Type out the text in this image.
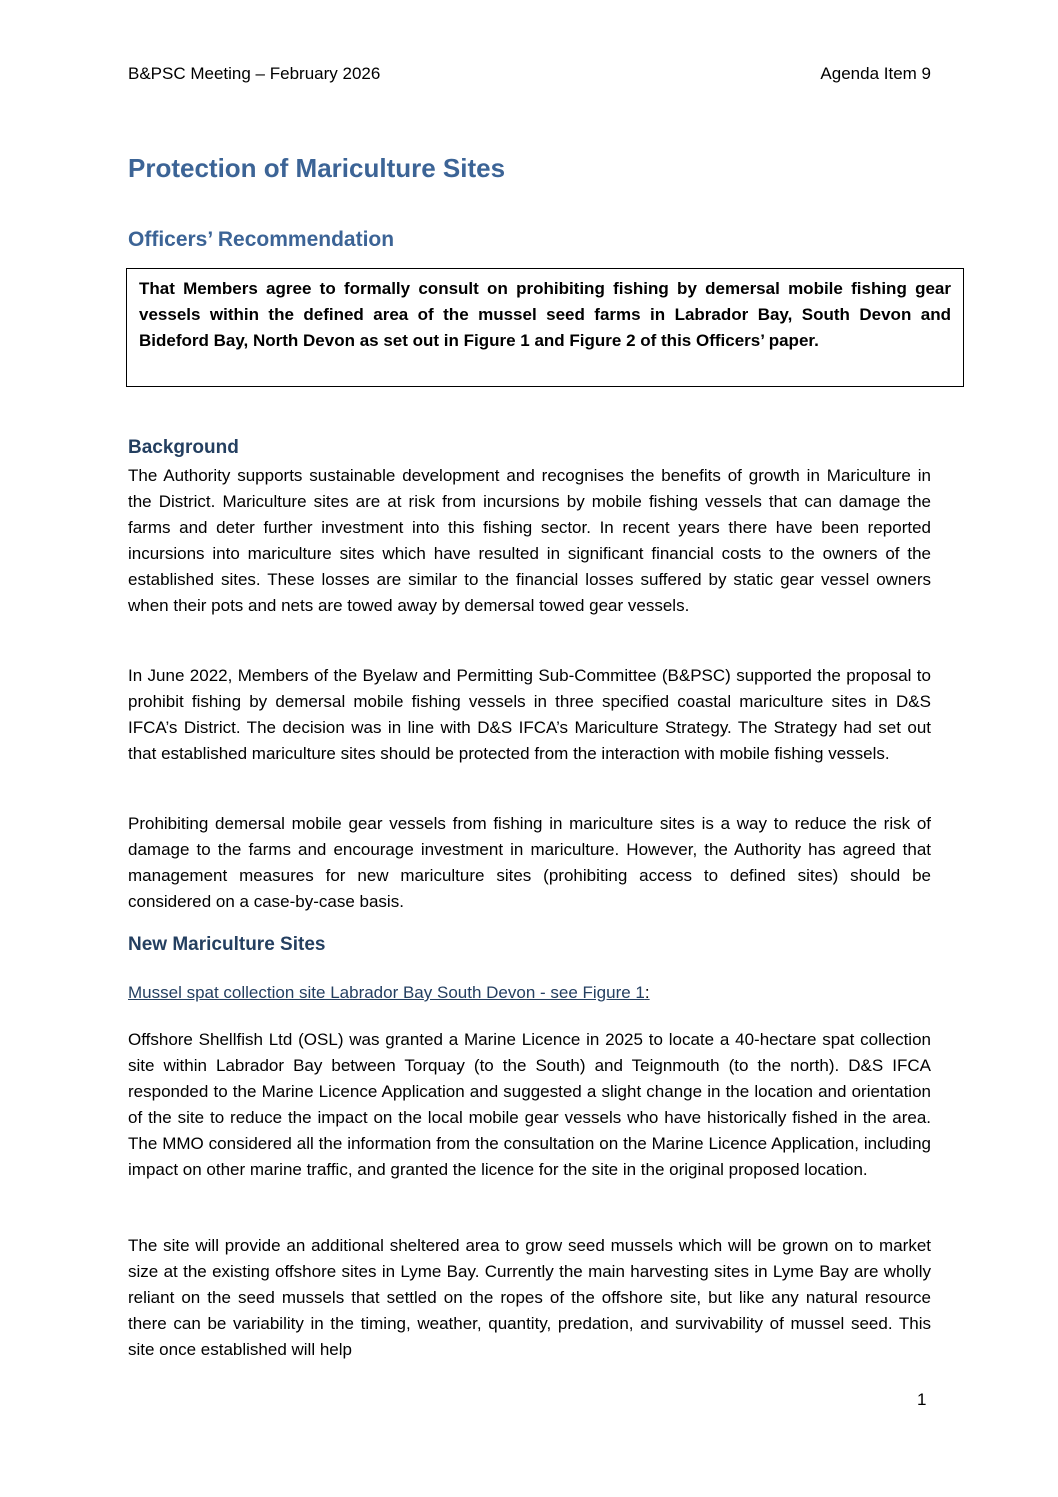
B&PSC Meeting – February 2026	Agenda Item 9
Protection of Mariculture Sites
Officers’ Recommendation
That Members agree to formally consult on prohibiting fishing by demersal mobile fishing gear vessels within the defined area of the mussel seed farms in Labrador Bay, South Devon and Bideford Bay, North Devon as set out in Figure 1 and Figure 2 of this Officers’ paper.
Background

The Authority supports sustainable development and recognises the benefits of growth in Mariculture in the District. Mariculture sites are at risk from incursions by mobile fishing vessels that can damage the farms and deter further investment into this fishing sector. In recent years there have been reported incursions into mariculture sites which have resulted in significant financial costs to the owners of the established sites. These losses are similar to the financial losses suffered by static gear vessel owners when their pots and nets are towed away by demersal towed gear vessels.

In June 2022, Members of the Byelaw and Permitting Sub-Committee (B&PSC) supported the proposal to prohibit fishing by demersal mobile fishing vessels in three specified coastal mariculture sites in D&S IFCA’s District. The decision was in line with D&S IFCA’s Mariculture Strategy. The Strategy had set out that established mariculture sites should be protected from the interaction with mobile fishing vessels.

Prohibiting demersal mobile gear vessels from fishing in mariculture sites is a way to reduce the risk of damage to the farms and encourage investment in mariculture. However, the Authority has agreed that management measures for new mariculture sites (prohibiting access to defined sites) should be considered on a case-by-case basis.

New Mariculture Sites
Mussel spat collection site Labrador Bay South Devon - see Figure 1:

Offshore Shellfish Ltd (OSL) was granted a Marine Licence in 2025 to locate a 40-hectare spat collection site within Labrador Bay between Torquay (to the South) and Teignmouth (to the north). D&S IFCA responded to the Marine Licence Application and suggested a slight change in the location and orientation of the site to reduce the impact on the local mobile gear vessels who have historically fished in the area. The MMO considered all the information from the consultation on the Marine Licence Application, including impact on other marine traffic, and granted the licence for the site in the original proposed location.

The site will provide an additional sheltered area to grow seed mussels which will be grown on to market size at the existing offshore sites in Lyme Bay. Currently the main harvesting sites in Lyme Bay are wholly reliant on the seed mussels that settled on the ropes of the offshore site, but like any natural resource there can be variability in the timing, weather, quantity, predation, and survivability of mussel seed. This site once established will help

1
